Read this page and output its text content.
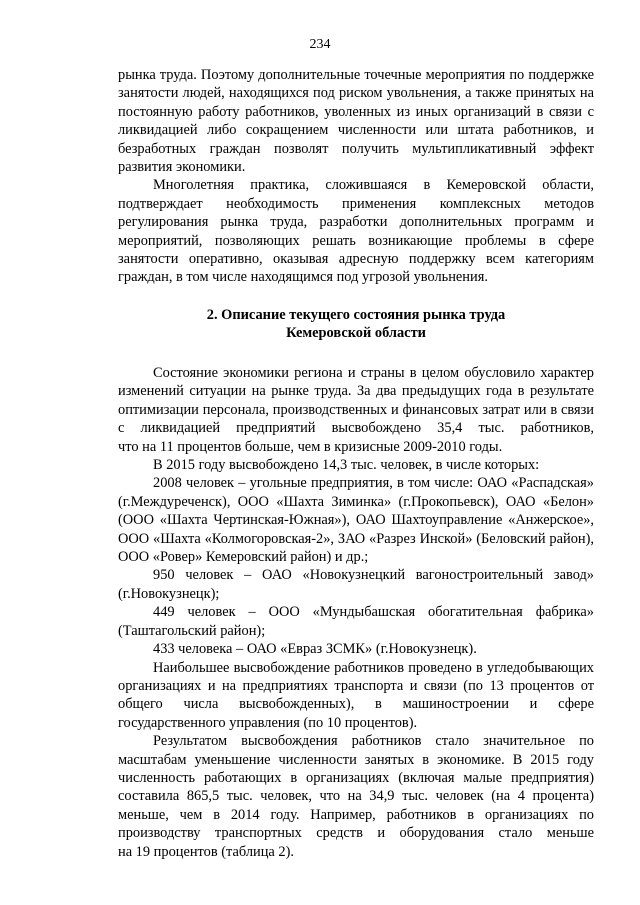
234
рынка труда. Поэтому дополнительные точечные мероприятия по поддержке
занятости людей, находящихся под риском увольнения, а также принятых на
постоянную работу работников, уволенных из иных организаций в связи с
ликвидацией либо сокращением численности или штата работников, и
безработных граждан позволят получить мультипликативный эффект
развития экономики.
Многолетняя практика, сложившаяся в Кемеровской области,
подтверждает необходимость применения комплексных методов
регулирования рынка труда, разработки дополнительных программ и
мероприятий, позволяющих решать возникающие проблемы в сфере
занятости оперативно, оказывая адресную поддержку всем категориям
граждан, в том числе находящимся под угрозой увольнения.
2. Описание текущего состояния рынка труда
Кемеровской области
Состояние экономики региона и страны в целом обусловило характер
изменений ситуации на рынке труда. За два предыдущих года в результате
оптимизации персонала, производственных и финансовых затрат или в связи
с ликвидацией предприятий высвобождено 35,4 тыс. работников,
что на 11 процентов больше, чем в кризисные 2009-2010 годы.
В 2015 году высвобождено 14,3 тыс. человек, в числе которых:
2008 человек – угольные предприятия, в том числе: ОАО «Распадская»
(г.Междуреченск), ООО «Шахта Зиминка» (г.Прокопьевск), ОАО «Белон»
(ООО «Шахта Чертинская-Южная»), ОАО Шахтоуправление «Анжерское»,
ООО «Шахта «Колмогоровская-2», ЗАО «Разрез Инской» (Беловский район),
ООО «Ровер» Кемеровский район) и др.;
950 человек – ОАО «Новокузнецкий вагоностроительный завод»
(г.Новокузнецк);
449 человек – ООО «Мундыбашская обогатительная фабрика»
(Таштагольский район);
433 человека – ОАО «Евраз ЗСМК» (г.Новокузнецк).
Наибольшее высвобождение работников проведено в угледобывающих
организациях и на предприятиях транспорта и связи (по 13 процентов от
общего числа высвобожденных), в машиностроении и сфере
государственного управления (по 10 процентов).
Результатом высвобождения работников стало значительное по
масштабам уменьшение численности занятых в экономике. В 2015 году
численность работающих в организациях (включая малые предприятия)
составила 865,5 тыс. человек, что на 34,9 тыс. человек (на 4 процента)
меньше, чем в 2014 году. Например, работников в организациях по
производству транспортных средств и оборудования стало меньше
на 19 процентов (таблица 2).
